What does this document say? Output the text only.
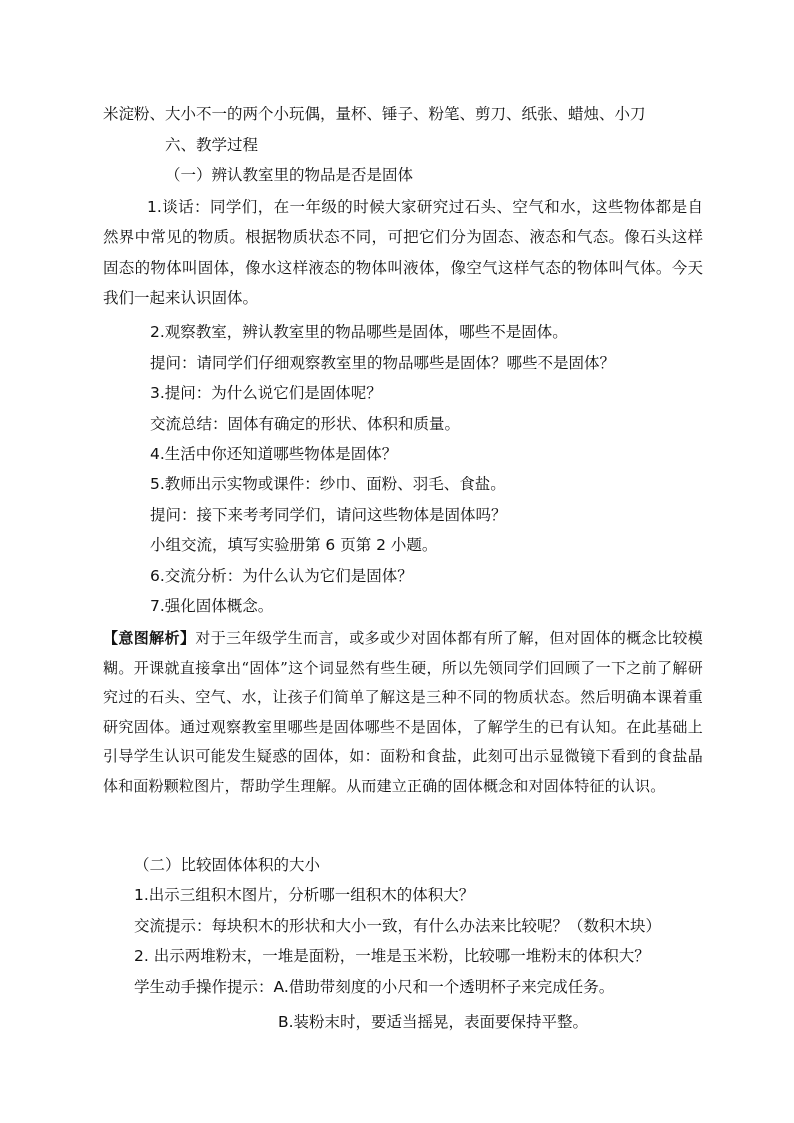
米淀粉、大小不一的两个小玩偶，量杯、锤子、粉笔、剪刀、纸张、蜡烛、小刀
六、教学过程
（一）辨认教室里的物品是否是固体
1.谈话：同学们，在一年级的时候大家研究过石头、空气和水，这些物体都是自然界中常见的物质。根据物质状态不同，可把它们分为固态、液态和气态。像石头这样固态的物体叫固体，像水这样液态的物体叫液体，像空气这样气态的物体叫气体。今天我们一起来认识固体。
2.观察教室，辨认教室里的物品哪些是固体，哪些不是固体。
提问：请同学们仔细观察教室里的物品哪些是固体？哪些不是固体？
3.提问：为什么说它们是固体呢？
交流总结：固体有确定的形状、体积和质量。
4.生活中你还知道哪些物体是固体？
5.教师出示实物或课件：纱巾、面粉、羽毛、食盐。
提问：接下来考考同学们，请问这些物体是固体吗？
小组交流，填写实验册第 6 页第 2 小题。
6.交流分析：为什么认为它们是固体？
7.强化固体概念。
【意图解析】对于三年级学生而言，或多或少对固体都有所了解，但对固体的概念比较模糊。开课就直接拿出“固体”这个词显然有些生硬，所以先领同学们回顾了一下之前了解研究过的石头、空气、水，让孩子们简单了解这是三种不同的物质状态。然后明确本课着重研究固体。通过观察教室里哪些是固体哪些不是固体，了解学生的已有认知。在此基础上引导学生认识可能发生疑惑的固体，如：面粉和食盐，此刻可出示显微镜下看到的食盐晶体和面粉颗粒图片，帮助学生理解。从而建立正确的固体概念和对固体特征的认识。
（二）比较固体体积的大小
1.出示三组积木图片，分析哪一组积木的体积大？
交流提示：每块积木的形状和大小一致，有什么办法来比较呢？（数积木块）
2. 出示两堆粉末，一堆是面粉，一堆是玉米粉，比较哪一堆粉末的体积大？
学生动手操作提示：A.借助带刻度的小尺和一个透明杯子来完成任务。
B.装粉末时，要适当摇晃，表面要保持平整。
